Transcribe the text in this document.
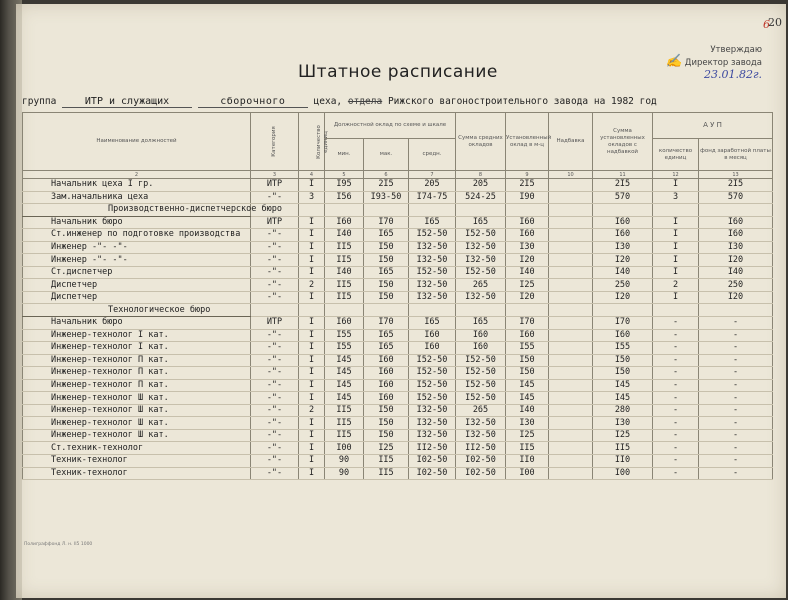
6
20
Утверждаю
✍ Директор завода
23.01.82г.
Штатное расписание
группа	ИТР и служащих	сборочного	цеха, отдела Рижского вагоностроительного завода на 1982 год
Наименование должностей	Категория	Количество единиц	Должностной оклад по схеме и шкале			Сумма средних окладов	Установленный оклад в м-ц	Надбавка	Сумма установленных окладов с надбавкой	А У П	
			мин.	мак.	средн.					количество единиц	фонд заработной платы в месяц
2	3	4	5	6	7	8	9	10	11	12	13
Начальник цеха I гр.	ИТР	I	I95	2I5	205	205	2I5		2I5	I	2I5
Зам.начальника цеха	-"-	3	I56	I93-50	I74-75	524-25	I90		570	3	570
Производственно-диспетчерское бюро											
Начальник бюро	ИТР	I	I60	I70	I65	I65	I60		I60	I	I60
Ст.инженер по подготовке производства	-"-	I	I40	I65	I52-50	I52-50	I60		I60	I	I60
Инженер -"- -"-	-"-	I	II5	I50	I32-50	I32-50	I30		I30	I	I30
Инженер -"- -"-	-"-	I	II5	I50	I32-50	I32-50	I20		I20	I	I20
Ст.диспетчер	-"-	I	I40	I65	I52-50	I52-50	I40		I40	I	I40
Диспетчер	-"-	2	II5	I50	I32-50	265	I25		250	2	250
Диспетчер	-"-	I	II5	I50	I32-50	I32-50	I20		I20	I	I20
Технологическое бюро											
Начальник бюро	ИТР	I	I60	I70	I65	I65	I70		I70	-	-
Инженер-технолог I кат.	-"-	I	I55	I65	I60	I60	I60		I60	-	-
Инженер-технолог I кат.	-"-	I	I55	I65	I60	I60	I55		I55	-	-
Инженер-технолог П кат.	-"-	I	I45	I60	I52-50	I52-50	I50		I50	-	-
Инженер-технолог П кат.	-"-	I	I45	I60	I52-50	I52-50	I50		I50	-	-
Инженер-технолог П кат.	-"-	I	I45	I60	I52-50	I52-50	I45		I45	-	-
Инженер-технолог Ш кат.	-"-	I	I45	I60	I52-50	I52-50	I45		I45	-	-
Инженер-технолог Ш кат.	-"-	2	II5	I50	I32-50	265	I40		280	-	-
Инженер-технолог Ш кат.	-"-	I	II5	I50	I32-50	I32-50	I30		I30	-	-
Инженер-технолог Ш кат.	-"-	I	II5	I50	I32-50	I32-50	I25		I25	-	-
Ст.техник-технолог	-"-	I	I00	I25	II2-50	II2-50	II5		II5	-	-
Техник-технолог	-"-	I	90	II5	I02-50	I02-50	II0		II0	-	-
Техник-технолог	-"-	I	90	II5	I02-50	I02-50	I00		I00	-	-
Полиграффонд Л. н. II5 1000
